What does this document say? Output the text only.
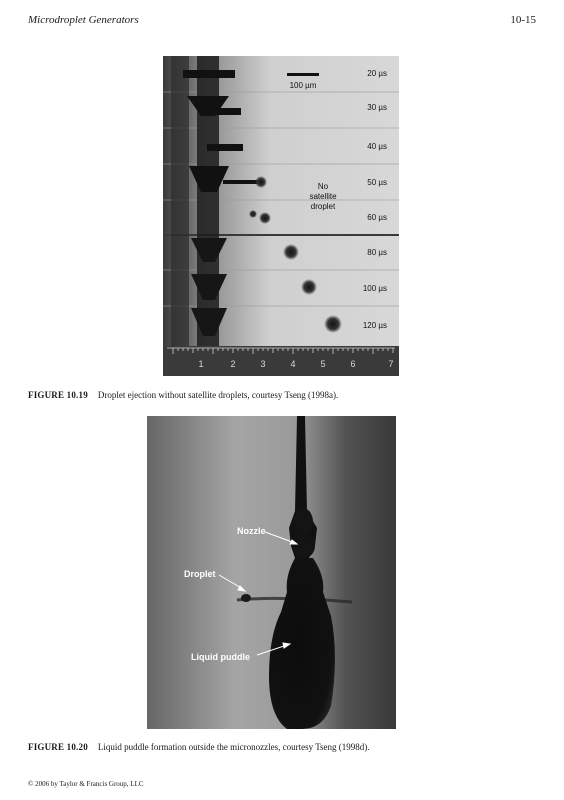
Microdroplet Generators	10-15
100 µm
20 µs
30 µs
40 µs
50 µs
60 µs
80 µs
100 µs
120 µs
No
satellite
droplet
1	2	3	4	5	6	7
FIGURE 10.19 Droplet ejection without satellite droplets, courtesy Tseng (1998a).
Nozzle
Droplet
Liquid puddle
FIGURE 10.20 Liquid puddle formation outside the micronozzles, courtesy Tseng (1998d).
© 2006 by Taylor & Francis Group, LLC
